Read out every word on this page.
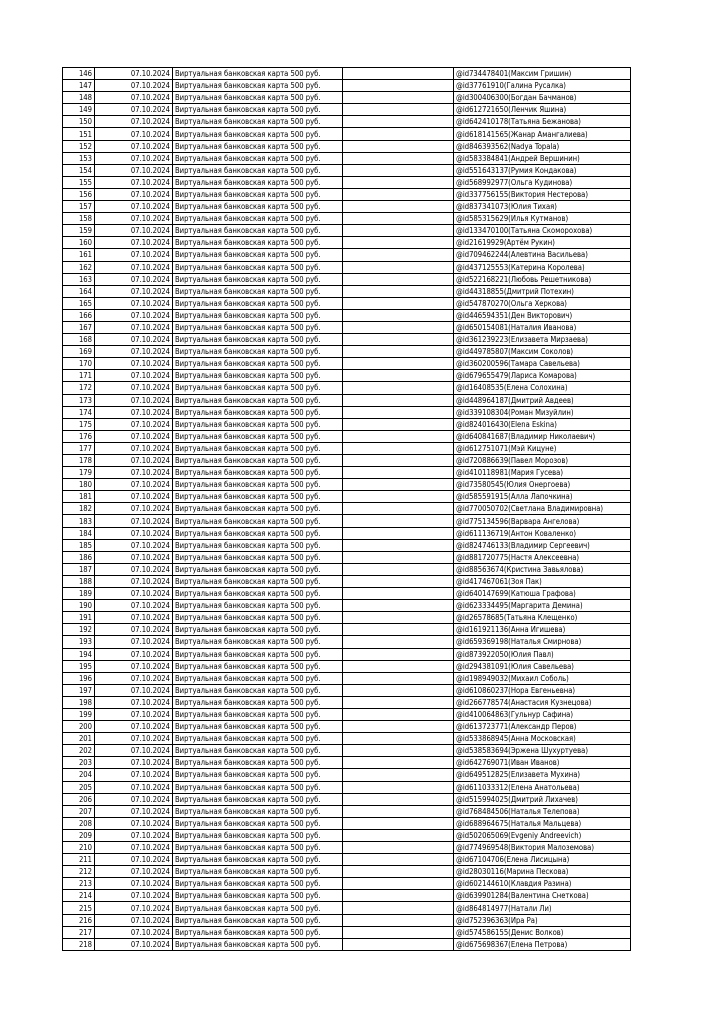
146	07.10.2024	Виртуальная банковская карта 500 руб.		@id734478401(Максим Гришин)
147	07.10.2024	Виртуальная банковская карта 500 руб.		@id37761910(Галина Русалка)
148	07.10.2024	Виртуальная банковская карта 500 руб.		@id300406300(Богдан Бачманов)
149	07.10.2024	Виртуальная банковская карта 500 руб.		@id612721650(Ленчик Яшина)
150	07.10.2024	Виртуальная банковская карта 500 руб.		@id642410178(Татьяна Бежанова)
151	07.10.2024	Виртуальная банковская карта 500 руб.		@id618141565(Жанар Амангалиева)
152	07.10.2024	Виртуальная банковская карта 500 руб.		@id846393562(Nadya Topala)
153	07.10.2024	Виртуальная банковская карта 500 руб.		@id583384841(Андрей Вершинин)
154	07.10.2024	Виртуальная банковская карта 500 руб.		@id551643137(Румия Кондакова)
155	07.10.2024	Виртуальная банковская карта 500 руб.		@id568992977(Ольга Кудинова)
156	07.10.2024	Виртуальная банковская карта 500 руб.		@id337756155(Виктория Нестерова)
157	07.10.2024	Виртуальная банковская карта 500 руб.		@id837341073(Юлия Тихая)
158	07.10.2024	Виртуальная банковская карта 500 руб.		@id585315629(Илья Кутманов)
159	07.10.2024	Виртуальная банковская карта 500 руб.		@id133470100(Татьяна Скоморохова)
160	07.10.2024	Виртуальная банковская карта 500 руб.		@id21619929(Артём Рукин)
161	07.10.2024	Виртуальная банковская карта 500 руб.		@id709462244(Алевтина Васильева)
162	07.10.2024	Виртуальная банковская карта 500 руб.		@id437125553(Катерина Королева)
163	07.10.2024	Виртуальная банковская карта 500 руб.		@id522168221(Любовь Решетникова)
164	07.10.2024	Виртуальная банковская карта 500 руб.		@id44318855(Дмитрий Потехин)
165	07.10.2024	Виртуальная банковская карта 500 руб.		@id547870270(Ольга Херкова)
166	07.10.2024	Виртуальная банковская карта 500 руб.		@id446594351(Ден Викторович)
167	07.10.2024	Виртуальная банковская карта 500 руб.		@id650154081(Наталия Иванова)
168	07.10.2024	Виртуальная банковская карта 500 руб.		@id361239223(Елизавета Мирзаева)
169	07.10.2024	Виртуальная банковская карта 500 руб.		@id449785807(Максим Соколов)
170	07.10.2024	Виртуальная банковская карта 500 руб.		@id360200596(Тамара Савельева)
171	07.10.2024	Виртуальная банковская карта 500 руб.		@id679655479(Лариса Комарова)
172	07.10.2024	Виртуальная банковская карта 500 руб.		@id16408535(Елена Солохина)
173	07.10.2024	Виртуальная банковская карта 500 руб.		@id448964187(Дмитрий Авдеев)
174	07.10.2024	Виртуальная банковская карта 500 руб.		@id339108304(Роман Мизуйлин)
175	07.10.2024	Виртуальная банковская карта 500 руб.		@id824016430(Elena Eskina)
176	07.10.2024	Виртуальная банковская карта 500 руб.		@id640841687(Владимир Николаевич)
177	07.10.2024	Виртуальная банковская карта 500 руб.		@id612751071(Мэй Кицуне)
178	07.10.2024	Виртуальная банковская карта 500 руб.		@id720886639(Павел Морозов)
179	07.10.2024	Виртуальная банковская карта 500 руб.		@id410118981(Мария Гусева)
180	07.10.2024	Виртуальная банковская карта 500 руб.		@id73580545(Юлия Онергоева)
181	07.10.2024	Виртуальная банковская карта 500 руб.		@id585591915(Алла Лапочкина)
182	07.10.2024	Виртуальная банковская карта 500 руб.		@id770050702(Светлана Владимировна)
183	07.10.2024	Виртуальная банковская карта 500 руб.		@id775134596(Варвара Ангелова)
184	07.10.2024	Виртуальная банковская карта 500 руб.		@id611136719(Антон Коваленко)
185	07.10.2024	Виртуальная банковская карта 500 руб.		@id824746133(Владимир Сергеевич)
186	07.10.2024	Виртуальная банковская карта 500 руб.		@id881720775(Настя Алексеевна)
187	07.10.2024	Виртуальная банковская карта 500 руб.		@id88563674(Кристина Завьялова)
188	07.10.2024	Виртуальная банковская карта 500 руб.		@id417467061(Зоя Пак)
189	07.10.2024	Виртуальная банковская карта 500 руб.		@id640147699(Катюша Графова)
190	07.10.2024	Виртуальная банковская карта 500 руб.		@id623334495(Маргарита Демина)
191	07.10.2024	Виртуальная банковская карта 500 руб.		@id26578685(Татьяна Клещенко)
192	07.10.2024	Виртуальная банковская карта 500 руб.		@id161921136(Анна Игишева)
193	07.10.2024	Виртуальная банковская карта 500 руб.		@id659369198(Наталья Смирнова)
194	07.10.2024	Виртуальная банковская карта 500 руб.		@id873922050(Юлия Павл)
195	07.10.2024	Виртуальная банковская карта 500 руб.		@id294381091(Юлия Савельева)
196	07.10.2024	Виртуальная банковская карта 500 руб.		@id198949032(Михаил Соболь)
197	07.10.2024	Виртуальная банковская карта 500 руб.		@id610860237(Нора Евгеньевна)
198	07.10.2024	Виртуальная банковская карта 500 руб.		@id266778574(Анастасия Кузнецова)
199	07.10.2024	Виртуальная банковская карта 500 руб.		@id410064863(Гульнур Сафина)
200	07.10.2024	Виртуальная банковская карта 500 руб.		@id613723771(Александр Перов)
201	07.10.2024	Виртуальная банковская карта 500 руб.		@id533868945(Анна Московская)
202	07.10.2024	Виртуальная банковская карта 500 руб.		@id538583694(Эржена Шухуртуева)
203	07.10.2024	Виртуальная банковская карта 500 руб.		@id642769071(Иван Иванов)
204	07.10.2024	Виртуальная банковская карта 500 руб.		@id649512825(Елизавета Мухина)
205	07.10.2024	Виртуальная банковская карта 500 руб.		@id611033312(Елена Анатольева)
206	07.10.2024	Виртуальная банковская карта 500 руб.		@id515994025(Дмитрий Лихачев)
207	07.10.2024	Виртуальная банковская карта 500 руб.		@id768484506(Наталья Телепова)
208	07.10.2024	Виртуальная банковская карта 500 руб.		@id688964675(Наталья Мальцева)
209	07.10.2024	Виртуальная банковская карта 500 руб.		@id502065069(Evgeniy Andreevich)
210	07.10.2024	Виртуальная банковская карта 500 руб.		@id774969548(Виктория Малоземова)
211	07.10.2024	Виртуальная банковская карта 500 руб.		@id67104706(Елена Лисицына)
212	07.10.2024	Виртуальная банковская карта 500 руб.		@id28030116(Марина Пескова)
213	07.10.2024	Виртуальная банковская карта 500 руб.		@id602144610(Клавдия Разина)
214	07.10.2024	Виртуальная банковская карта 500 руб.		@id639901284(Валентина Снеткова)
215	07.10.2024	Виртуальная банковская карта 500 руб.		@id864814977(Натали Ли)
216	07.10.2024	Виртуальная банковская карта 500 руб.		@id752396363(Ира Ра)
217	07.10.2024	Виртуальная банковская карта 500 руб.		@id574586155(Денис Волков)
218	07.10.2024	Виртуальная банковская карта 500 руб.		@id675698367(Елена Петрова)
